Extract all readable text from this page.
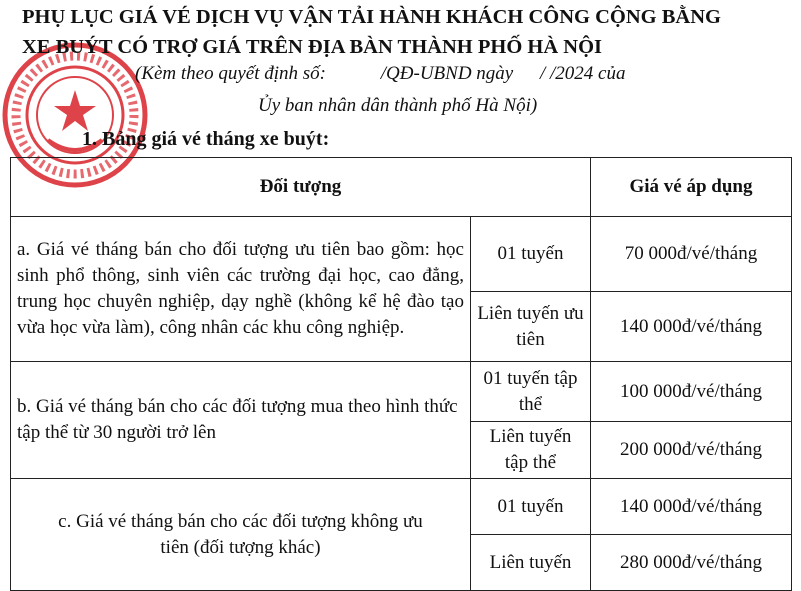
PHỤ LỤC GIÁ VÉ DỊCH VỤ VẬN TẢI HÀNH KHÁCH CÔNG CỘNG BẰNG
XE BUÝT CÓ TRỢ GIÁ TRÊN ĐỊA BÀN THÀNH PHỐ HÀ NỘI
(Kèm theo quyết định số:	/QĐ-UBND ngày / /2024 của
Ủy ban nhân dân thành phố Hà Nội)
1. Bảng giá vé tháng xe buýt:
Đối tượng		Giá vé áp dụng
a. Giá vé tháng bán cho đối tượng ưu tiên bao gồm: học sinh phổ thông, sinh viên các trường đại học, cao đẳng, trung học chuyên nghiệp, dạy nghề (không kể hệ đào tạo vừa học vừa làm), công nhân các khu công nghiệp.	01 tuyến	70 000đ/vé/tháng
	Liên tuyến ưu tiên	140 000đ/vé/tháng
b. Giá vé tháng bán cho các đối tượng mua theo hình thức tập thể từ 30 người trở lên	01 tuyến tập thể	100 000đ/vé/tháng
	Liên tuyến tập thể	200 000đ/vé/tháng
c. Giá vé tháng bán cho các đối tượng không ưu tiên (đối tượng khác)	01 tuyến	140 000đ/vé/tháng
	Liên tuyến	280 000đ/vé/tháng
